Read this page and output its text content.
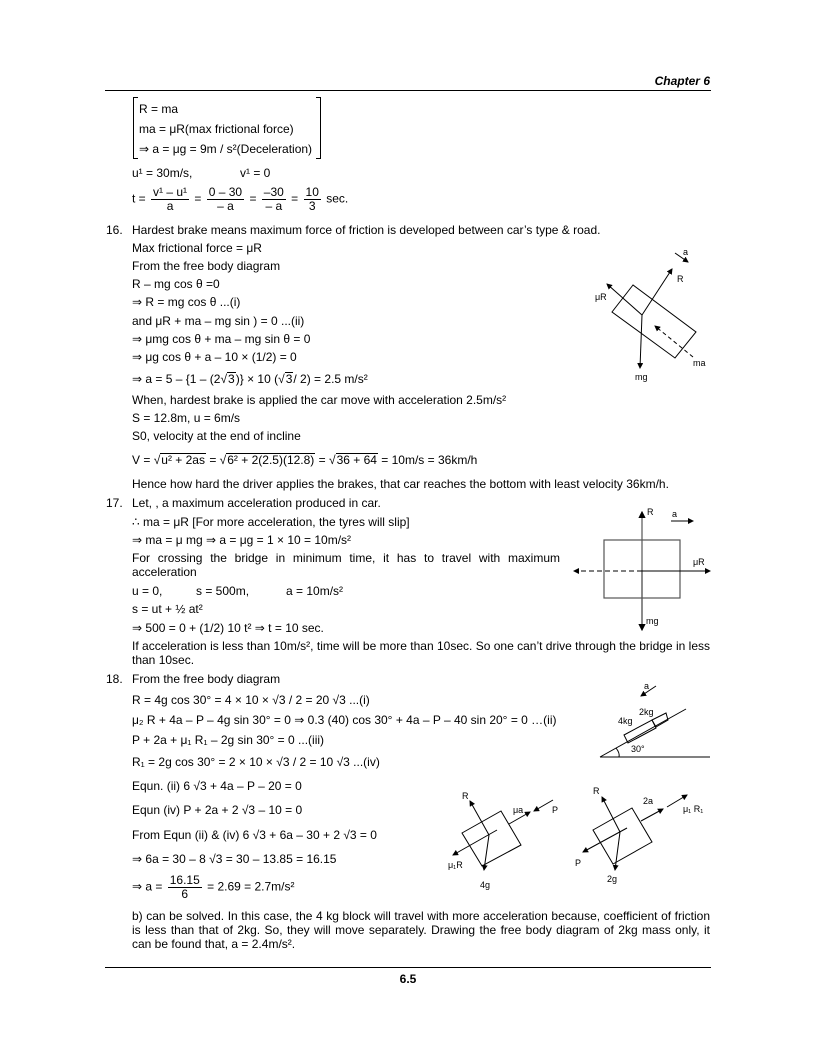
Chapter 6
R = ma
ma = μR(max frictional force)
⇒ a = μg = 9m / s²(Deceleration)
u¹ = 30m/s,	v¹ = 0
$t = \frac{\text{v¹ – u¹}}{a} = \frac{0 - 30}{- a} = \frac{-30}{- a} = \frac{10}{3} \sec$.
16. Hardest brake means maximum force of friction is developed between car’s type & road.
Max frictional force = μR
From the free body diagram
R – mg cos θ =0
⇒ R = mg cos θ ...(i)
and μR + ma – mg sin ) = 0 ...(ii)
⇒ μmg cos θ + ma – mg sin θ = 0
⇒ μg cos θ + a – 10 × (1/2) = 0
⇒ a = 5 – {1 – (2√3)} × 10 (√3/ 2) = 2.5 m/s²
When, hardest brake is applied the car move with acceleration 2.5m/s²
S = 12.8m, u = 6m/s
S0, velocity at the end of incline
V = √u² + 2as = √6² + 2(2.5)(12.8) = √36 + 64 = 10m/s = 36km/h
Hence how hard the driver applies the brakes, that car reaches the bottom with least velocity 36km/h.
a
R
μR
mg
ma
17. Let, , a maximum acceleration produced in car.
∴ ma = μR [For more acceleration, the tyres will slip]
⇒ ma = μ mg ⇒ a = μg = 1 × 10 = 10m/s²
For crossing the bridge in minimum time, it has to travel with maximum acceleration
u = 0,	s = 500m,	a = 10m/s²
s = ut + ½ at²
⇒ 500 = 0 + (1/2) 10 t² ⇒ t = 10 sec.
If acceleration is less than 10m/s², time will be more than 10sec. So one can’t drive through the bridge in less than 10sec.
R a
μR
mg
18. From the free body diagram
R = 4g cos 30° = 4 × 10 × √3 / 2 = 20 √3 ...(i)
μ₂ R + 4a – P – 4g sin 30° = 0 ⇒ 0.3 (40) cos 30° + 4a – P – 40 sin 20° = 0 …(ii)
P + 2a + μ₁ R₁ – 2g sin 30° = 0 ...(iii)
R₁ = 2g cos 30° = 2 × 10 × √3 / 2 = 10 √3 ...(iv)
Equn. (ii) 6 √3 + 4a – P – 20 = 0
Equn (iv) P + 2a + 2 √3 – 10 = 0
From Equn (ii) & (iv) 6 √3 + 6a – 30 + 2 √3 = 0
⇒ 6a = 30 – 8 √3 = 30 – 13.85 = 16.15
⇒ $a = \frac{16.15}{6} = 2.69 = 2.7m/s^2$
b) can be solved. In this case, the 4 kg block will travel with more acceleration because, coefficient of friction is less than that of 2kg. So, they will move separately. Drawing the free body diagram of 2kg mass only, it can be found that, a = 2.4m/s².
a
2kg
4kg
30°
R
μa	P
μ₁R
4g
R
2a
μ₁ R₁
P
2g
6.5
